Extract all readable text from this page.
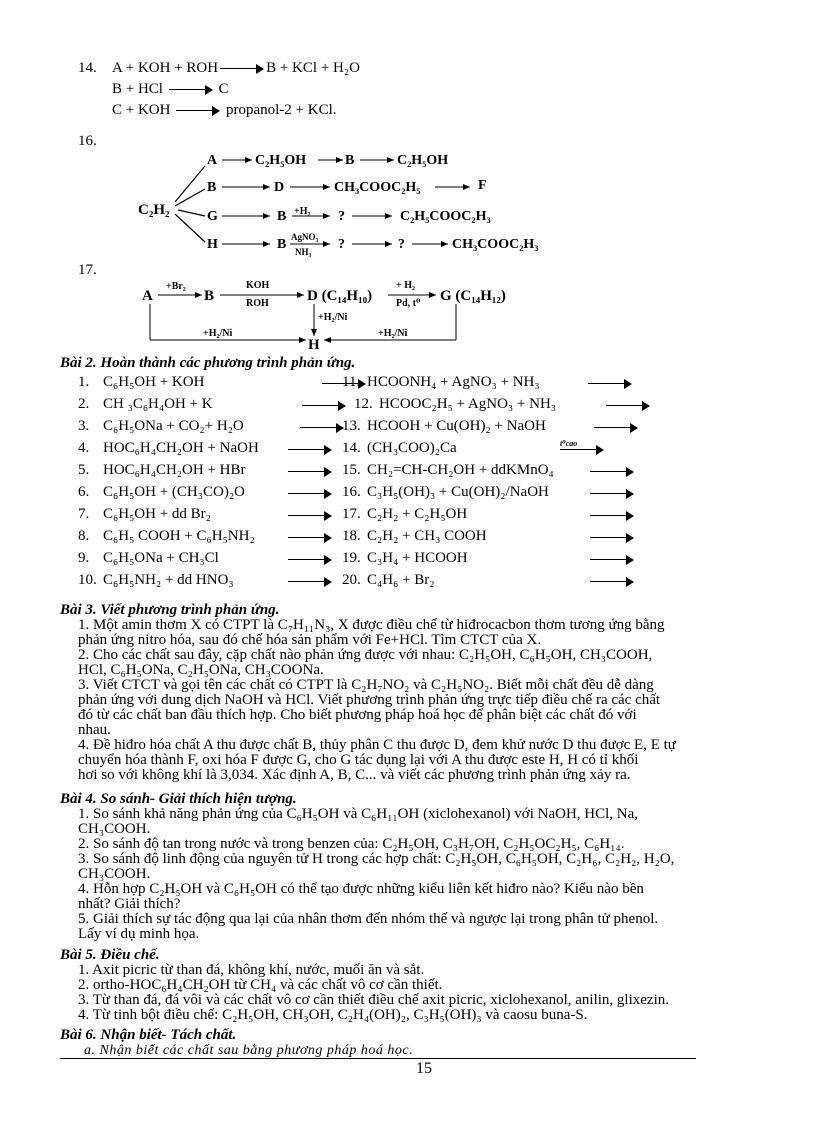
14. A + KOH + ROH	B + KCl + H₂O
B + HCl	C
C + KOH	propanol-2 + KCl.
16.
C₂H₂
A	C₂H₅OH	B	C₂H₅OH
B	D	CH₃COOC₂H₅	F
G	B +H₂ ?	C₂H₅COOC₂H₃
H	B AgNO₃
NH₃ ?	?	CH₃COOC₂H₃
17.
A
+Br₂
B
KOH
ROH	D (C₁₄H₁₀)
+ H₂
Pd, t⁰ G (C₁₄H₁₂)
+H₂/Ni
+H₂/Ni
H
+H₂/Ni
Bài 2. Hoàn thành các phương trình phản ứng.
1. C₆H₅OH + KOH
2. CH ₃C₆H₄OH + K
3. C₆H₅ONa + CO₂+ H₂O
4. HOC₆H₄CH₂OH + NaOH
5. HOC₆H₄CH₂OH + HBr
6. C₆H₅OH + (CH₃CO)₂O
7. C₆H₅OH + dd Br₂
8. C₆H₅ COOH + C₆H₅NH₂
9. C₆H₅ONa + CH₃Cl
10. C₆H₅NH₂ + dd HNO₃
11. HCOONH₄ + AgNO₃ + NH₃
12. HCOOC₂H₅ + AgNO₃ + NH₃
13. HCOOH + Cu(OH)₂ + NaOH
14. (CH₃COO)₂Ca	t⁰cao
15. CH₂=CH-CH₂OH + ddKMnO₄
16. C₃H₅(OH)₃ + Cu(OH)₂/NaOH
17. C₂H₂ + C₂H₅OH
18. C₂H₂ + CH₃ COOH
19. C₃H₄ + HCOOH
20. C₄H₆ + Br₂
Bài 3. Viết phương trình phản ứng.
1. Một amin thơm X có CTPT là C₇H₁₁N₃, X được điều chế từ hiđrocacbon thơm tương ứng bằng
phản ứng nitro hóa, sau đó chế hóa sản phẩm với Fe+HCl. Tìm CTCT của X.
2. Cho các chất sau đây, cặp chất nào phản ứng được với nhau: C₂H₅OH, C₆H₅OH, CH₃COOH,
HCl, C₆H₅ONa, C₂H₅ONa, CH₃COONa.
3. Viết CTCT và gọi tên các chất có CTPT là C₂H₇NO₂ và C₂H₅NO₂. Biết mỗi chất đều dễ dàng
phản ứng với dung dịch NaOH và HCl. Viết phương trình phản ứng trực tiếp điều chế ra các chất
đó từ các chất ban đầu thích hợp. Cho biết phương pháp hoá học để phân biệt các chất đó với
nhau.
4. Đề hiđro hóa chất A thu được chất B, thủy phân C thu được D, đem khử nước D thu được E, E tự
chuyển hóa thành F, oxi hóa F được G, cho G tác dụng lại với A thu được este H, H có tỉ khối
hơi so với không khí là 3,034. Xác định A, B, C... và viết các phương trình phản ứng xảy ra.
Bài 4. So sánh- Giải thích hiện tượng.
1. So sánh khả năng phản ứng của C₆H₅OH và C₆H₁₁OH (xiclohexanol) với NaOH, HCl, Na,
CH₃COOH.
2. So sánh độ tan trong nước và trong benzen của: C₂H₅OH, C₃H₇OH, C₂H₅OC₂H₅, C₆H₁₄.
3. So sánh độ linh động của nguyên tử H trong các hợp chất: C₂H₅OH, C₆H₅OH, C₂H₆, C₂H₂, H₂O,
CH₃COOH.
4. Hỗn hợp C₂H₅OH và C₆H₅OH có thể tạo được những kiểu liên kết hiđro nào? Kiểu nào bền
nhất? Giải thích?
5. Giải thích sự tác động qua lại của nhân thơm đến nhóm thế và ngược lại trong phân tử phenol.
Lấy ví dụ minh họa.
Bài 5. Điều chế.
1. Axit picric từ than đá, không khí, nước, muối ăn và sắt.
2. ortho-HOC₆H₄CH₂OH từ CH₄ và các chất vô cơ cần thiết.
3. Từ than đá, đá vôi và các chất vô cơ cần thiết điều chế axit picric, xiclohexanol, anilin, glixezin.
4. Từ tinh bột điều chế: C₂H₅OH, CH₃OH, C₂H₄(OH)₂, C₃H₅(OH)₃ và caosu buna-S.
Bài 6. Nhận biết- Tách chất.
a. Nhận biết các chất sau bằng phương pháp hoá học.
15
